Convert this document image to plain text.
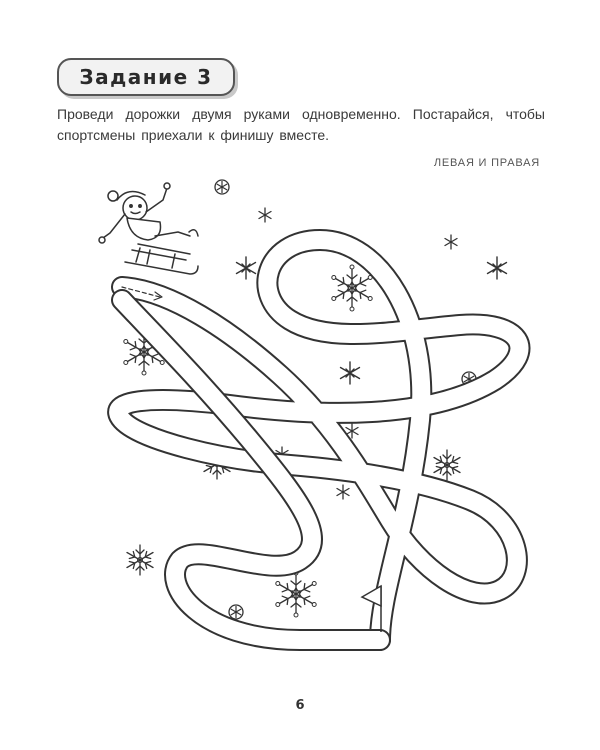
Задание 3

Проведи дорожки двумя руками одновременно. Постарайся, чтобы спортсмены приехали к финишу вместе.

ЛЕВАЯ И ПРАВАЯ
6
